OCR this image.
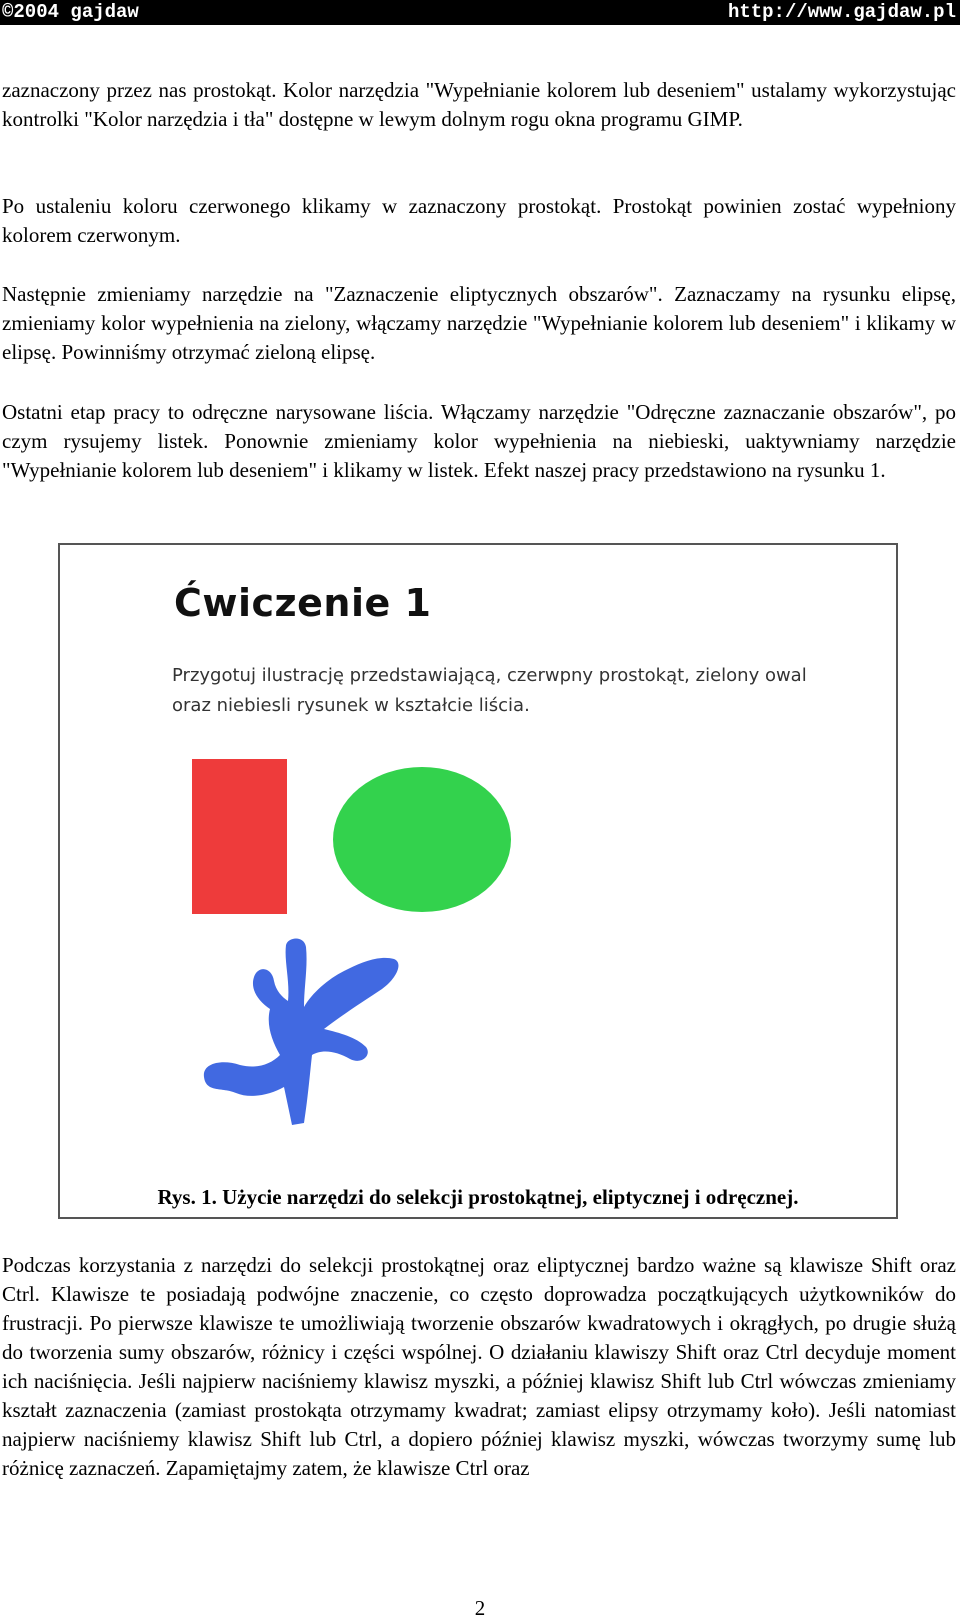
©2004 gajdaw	http://www.gajdaw.pl

zaznaczony przez nas prostokąt. Kolor narzędzia "Wypełnianie kolorem lub deseniem" ustalamy wykorzystując kontrolki "Kolor narzędzia i tła" dostępne w lewym dolnym rogu okna programu GIMP.

Po ustaleniu koloru czerwonego klikamy w zaznaczony prostokąt. Prostokąt powinien zostać wypełniony kolorem czerwonym.

Następnie zmieniamy narzędzie na "Zaznaczenie eliptycznych obszarów". Zaznaczamy na rysunku elipsę, zmieniamy kolor wypełnienia na zielony, włączamy narzędzie "Wypełnianie kolorem lub deseniem" i klikamy w elipsę. Powinniśmy otrzymać zieloną elipsę.

Ostatni etap pracy to odręczne narysowane liścia. Włączamy narzędzie "Odręczne zaznaczanie obszarów", po czym rysujemy listek. Ponownie zmieniamy kolor wypełnienia na niebieski, uaktywniamy narzędzie "Wypełnianie kolorem lub deseniem" i klikamy w listek. Efekt naszej pracy przedstawiono na rysunku 1.

Ćwiczenie 1

Przygotuj ilustrację przedstawiającą, czerwpny prostokąt, zielony owal oraz niebiesli rysunek w kształcie liścia.

Rys. 1. Użycie narzędzi do selekcji prostokątnej, eliptycznej i odręcznej.

Podczas korzystania z narzędzi do selekcji prostokątnej oraz eliptycznej bardzo ważne są klawisze Shift oraz Ctrl. Klawisze te posiadają podwójne znaczenie, co często doprowadza początkujących użytkowników do frustracji. Po pierwsze klawisze te umożliwiają tworzenie obszarów kwadratowych i okrągłych, po drugie służą do tworzenia sumy obszarów, różnicy i części wspólnej. O działaniu klawiszy Shift oraz Ctrl decyduje moment ich naciśnięcia. Jeśli najpierw naciśniemy klawisz myszki, a później klawisz Shift lub Ctrl wówczas zmieniamy kształt zaznaczenia (zamiast prostokąta otrzymamy kwadrat; zamiast elipsy otrzymamy koło). Jeśli natomiast najpierw naciśniemy klawisz Shift lub Ctrl, a dopiero później klawisz myszki, wówczas tworzymy sumę lub różnicę zaznaczeń. Zapamiętajmy zatem, że klawisze Ctrl oraz

2
